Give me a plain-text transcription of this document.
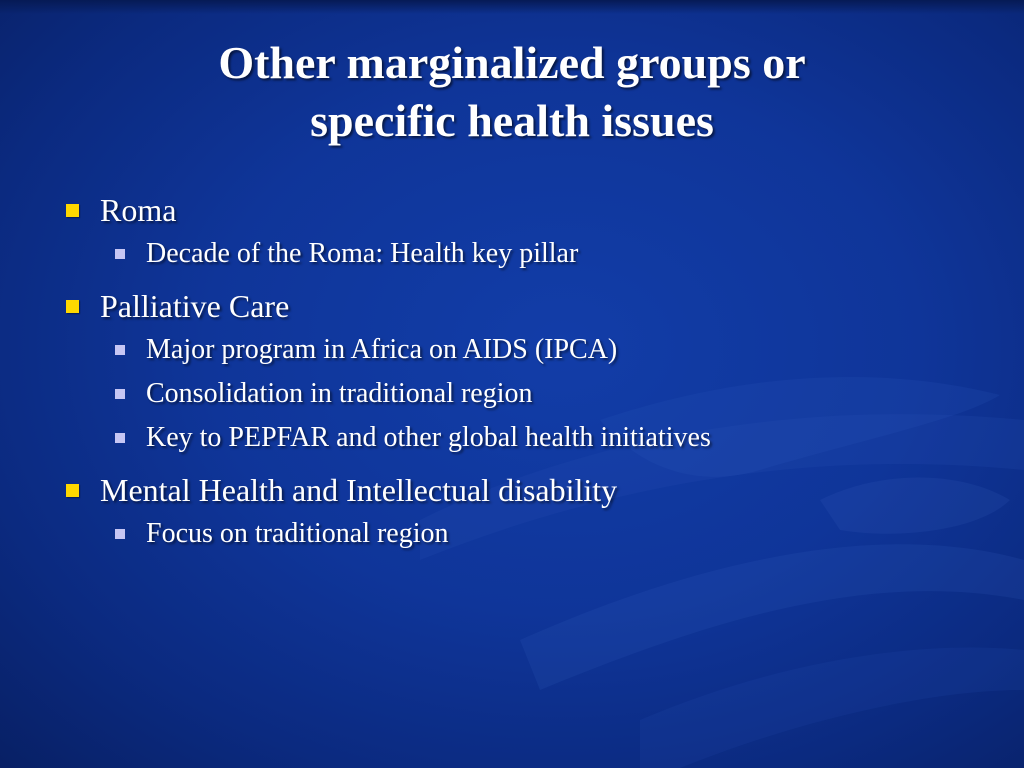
Other marginalized groups or
specific health issues
Roma
Decade of the Roma: Health key pillar
Palliative Care
Major program in Africa on AIDS (IPCA)
Consolidation in traditional region
Key to PEPFAR and other global health initiatives
Mental Health and Intellectual disability
Focus on traditional region
